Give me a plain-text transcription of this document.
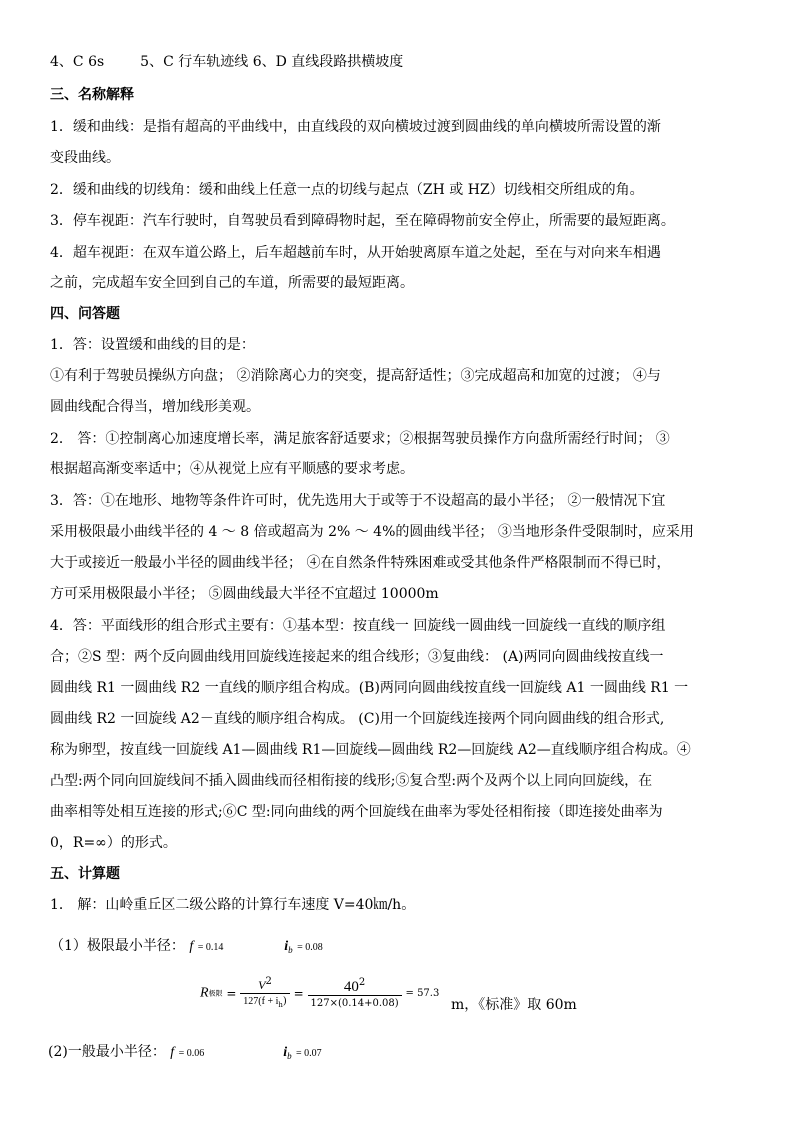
4、C 6s	5、C 行车轨迹线 6、D 直线段路拱横坡度
三、名称解释
1．缓和曲线：是指有超高的平曲线中，由直线段的双向横坡过渡到圆曲线的单向横坡所需设置的渐
变段曲线。
2．缓和曲线的切线角：缓和曲线上任意一点的切线与起点（ZH 或 HZ）切线相交所组成的角。
3．停车视距：汽车行驶时，自驾驶员看到障碍物时起，至在障碍物前安全停止，所需要的最短距离。
4．超车视距：在双车道公路上，后车超越前车时，从开始驶离原车道之处起，至在与对向来车相遇
之前，完成超车安全回到自己的车道，所需要的最短距离。
四、问答题
1．答：设置缓和曲线的目的是：
①有利于驾驶员操纵方向盘； ②消除离心力的突变，提高舒适性；③完成超高和加宽的过渡； ④与
圆曲线配合得当，增加线形美观。
2． 答：①控制离心加速度增长率，满足旅客舒适要求；②根据驾驶员操作方向盘所需经行时间； ③
根据超高渐变率适中；④从视觉上应有平顺感的要求考虑。
3．答：①在地形、地物等条件许可时，优先选用大于或等于不设超高的最小半径； ②一般情况下宜
采用极限最小曲线半径的 4 ～ 8 倍或超高为 2% ～ 4%的圆曲线半径； ③当地形条件受限制时，应采用
大于或接近一般最小半径的圆曲线半径； ④在自然条件特殊困难或受其他条件严格限制而不得已时，
方可采用极限最小半径； ⑤圆曲线最大半径不宜超过 10000m
4．答：平面线形的组合形式主要有：①基本型：按直线一 回旋线一圆曲线一回旋线一直线的顺序组
合；②S 型：两个反向圆曲线用回旋线连接起来的组合线形；③复曲线： (A)两同向圆曲线按直线一
圆曲线 R1 一圆曲线 R2 一直线的顺序组合构成。(B)两同向圆曲线按直线一回旋线 A1 一圆曲线 R1 一
圆曲线 R2 一回旋线 A2－直线的顺序组合构成。 (C)用一个回旋线连接两个同向圆曲线的组合形式,
称为卵型，按直线一回旋线 A1—圆曲线 R1—回旋线—圆曲线 R2—回旋线 A2—直线顺序组合构成。④
凸型:两个同向回旋线间不插入圆曲线而径相衔接的线形;⑤复合型:两个及两个以上同向回旋线，在
曲率相等处相互连接的形式;⑥C 型:同向曲线的两个回旋线在曲率为零处径相衔接（即连接处曲率为
0，R=∞）的形式。
五、计算题
1． 解：山岭重丘区二级公路的计算行车速度 V=40㎞/h。
（1）极限最小半径： f = 0.14	$i_b = 0.08$
R极限 = $\frac{V^2}{127(f + i_h)} = \frac{40^2}{127\times(0.14+0.08)} = 57.3$  m，《标准》取 60m
(2)一般最小半径： f = 0.06	$i_b = 0.07$
